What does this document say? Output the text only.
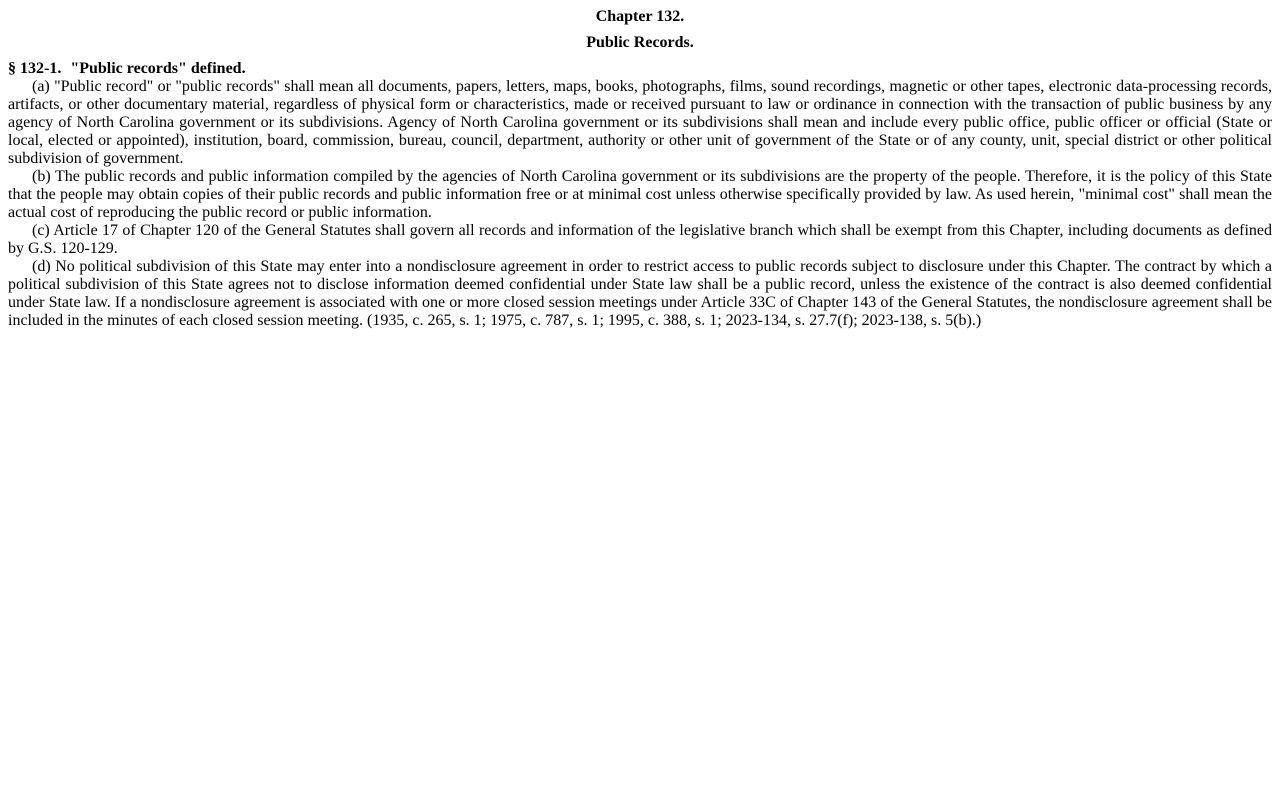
Chapter 132.

Public Records.

§ 132-1. "Public records" defined.

(a) "Public record" or "public records" shall mean all documents, papers, letters, maps, books, photographs, films, sound recordings, magnetic or other tapes, electronic data-processing records, artifacts, or other documentary material, regardless of physical form or characteristics, made or received pursuant to law or ordinance in connection with the transaction of public business by any agency of North Carolina government or its subdivisions. Agency of North Carolina government or its subdivisions shall mean and include every public office, public officer or official (State or local, elected or appointed), institution, board, commission, bureau, council, department, authority or other unit of government of the State or of any county, unit, special district or other political subdivision of government.

(b) The public records and public information compiled by the agencies of North Carolina government or its subdivisions are the property of the people. Therefore, it is the policy of this State that the people may obtain copies of their public records and public information free or at minimal cost unless otherwise specifically provided by law. As used herein, "minimal cost" shall mean the actual cost of reproducing the public record or public information.

(c) Article 17 of Chapter 120 of the General Statutes shall govern all records and information of the legislative branch which shall be exempt from this Chapter, including documents as defined by G.S. 120-129.

(d) No political subdivision of this State may enter into a nondisclosure agreement in order to restrict access to public records subject to disclosure under this Chapter. The contract by which a political subdivision of this State agrees not to disclose information deemed confidential under State law shall be a public record, unless the existence of the contract is also deemed confidential under State law. If a nondisclosure agreement is associated with one or more closed session meetings under Article 33C of Chapter 143 of the General Statutes, the nondisclosure agreement shall be included in the minutes of each closed session meeting. (1935, c. 265, s. 1; 1975, c. 787, s. 1; 1995, c. 388, s. 1; 2023-134, s. 27.7(f); 2023-138, s. 5(b).)
